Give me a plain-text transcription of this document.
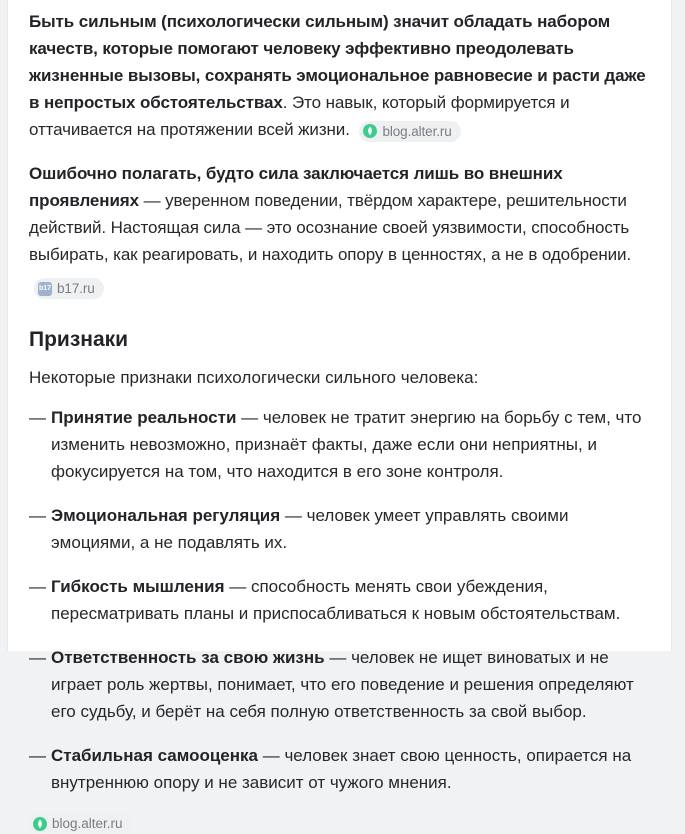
Быть сильным (психологически сильным) значит обладать набором качеств, которые помогают человеку эффективно преодолевать жизненные вызовы, сохранять эмоциональное равновесие и расти даже в непростых обстоятельствах. Это навык, который формируется и оттачивается на протяжении всей жизни. blog.alter.ru

Ошибочно полагать, будто сила заключается лишь во внешних проявлениях — уверенном поведении, твёрдом характере, решительности действий. Настоящая сила — это осознание своей уязвимости, способность выбирать, как реагировать, и находить опору в ценностях, а не в одобрении.
b17 b17.ru

Признаки

Некоторые признаки психологически сильного человека:

— Принятие реальности — человек не тратит энергию на борьбу с тем, что изменить невозможно, признаёт факты, даже если они неприятны, и фокусируется на том, что находится в его зоне контроля.
— Эмоциональная регуляция — человек умеет управлять своими эмоциями, а не подавлять их.
— Гибкость мышления — способность менять свои убеждения, пересматривать планы и приспосабливаться к новым обстоятельствам.
— Ответственность за свою жизнь — человек не ищет виноватых и не играет роль жертвы, понимает, что его поведение и решения определяют его судьбу, и берёт на себя полную ответственность за свой выбор.
— Стабильная самооценка — человек знает свою ценность, опирается на внутреннюю опору и не зависит от чужого мнения.
blog.alter.ru
